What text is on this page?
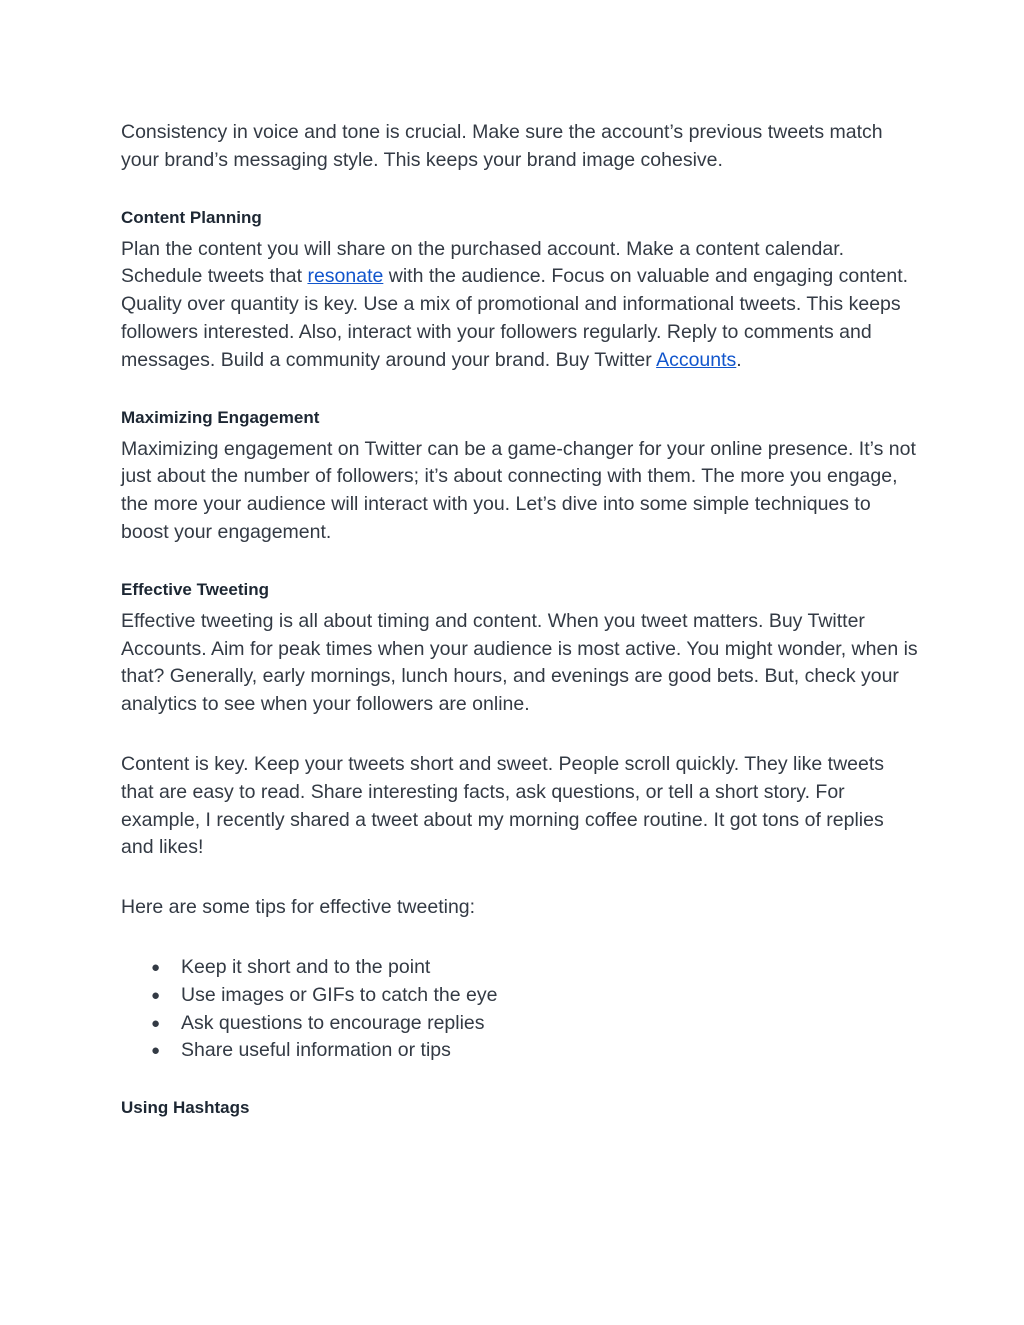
Consistency in voice and tone is crucial. Make sure the account’s previous tweets match your brand’s messaging style. This keeps your brand image cohesive.

Content Planning

Plan the content you will share on the purchased account. Make a content calendar. Schedule tweets that resonate with the audience. Focus on valuable and engaging content. Quality over quantity is key. Use a mix of promotional and informational tweets. This keeps followers interested. Also, interact with your followers regularly. Reply to comments and messages. Build a community around your brand. Buy Twitter Accounts.

Maximizing Engagement

Maximizing engagement on Twitter can be a game-changer for your online presence. It’s not just about the number of followers; it’s about connecting with them. The more you engage, the more your audience will interact with you. Let’s dive into some simple techniques to boost your engagement.

Effective Tweeting

Effective tweeting is all about timing and content. When you tweet matters. Buy Twitter Accounts. Aim for peak times when your audience is most active. You might wonder, when is that? Generally, early mornings, lunch hours, and evenings are good bets. But, check your analytics to see when your followers are online.

Content is key. Keep your tweets short and sweet. People scroll quickly. They like tweets that are easy to read. Share interesting facts, ask questions, or tell a short story. For example, I recently shared a tweet about my morning coffee routine. It got tons of replies and likes!

Here are some tips for effective tweeting:

● Keep it short and to the point
● Use images or GIFs to catch the eye
● Ask questions to encourage replies
● Share useful information or tips
Using Hashtags
